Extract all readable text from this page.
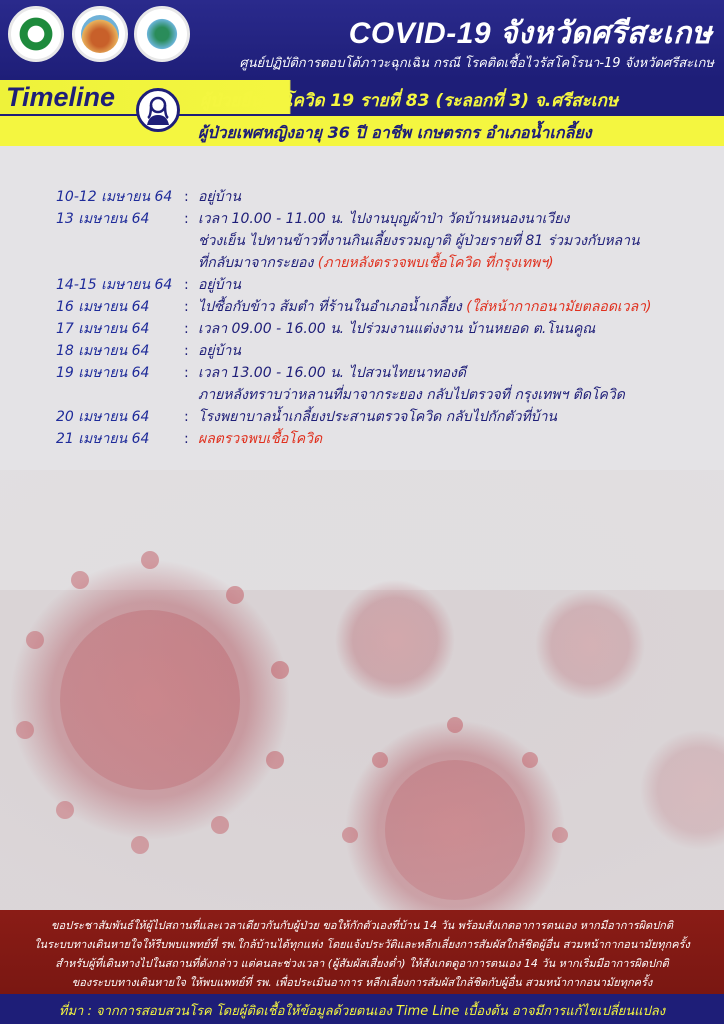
COVID-19 จังหวัดศรีสะเกษ
ศูนย์ปฏิบัติการตอบโต้ภาวะฉุกเฉิน กรณี โรคติดเชื้อไวรัสโคโรนา-19 จังหวัดศรีสะเกษ
Timeline	ผู้ป่วยยืนยันโควิด 19 รายที่ 83 (ระลอกที่ 3) จ.ศรีสะเกษ
ผู้ป่วยเพศหญิงอายุ 36 ปี อาชีพ เกษตรกร อำเภอน้ำเกลี้ยง
10-12 เมษายน 64 : อยู่บ้าน
13 เมษายน 64	: เวลา 10.00 - 11.00 น. ไปงานบุญผ้าป่า วัดบ้านหนองนาเวียง
ช่วงเย็น ไปทานข้าวที่งานกินเลี้ยงรวมญาติ ผู้ป่วยรายที่ 81 ร่วมวงกับหลาน
ที่กลับมาจากระยอง (ภายหลังตรวจพบเชื้อโควิด ที่กรุงเทพฯ)
14-15 เมษายน 64 : อยู่บ้าน
16 เมษายน 64	: ไปซื้อกับข้าว ส้มตำ ที่ร้านในอำเภอน้ำเกลี้ยง (ใส่หน้ากากอนามัยตลอดเวลา)
17 เมษายน 64	: เวลา 09.00 - 16.00 น. ไปร่วมงานแต่งงาน บ้านหยอด ต.โนนคูณ
18 เมษายน 64	: อยู่บ้าน
19 เมษายน 64	: เวลา 13.00 - 16.00 น. ไปสวนไทยนาทองดี
ภายหลังทราบว่าหลานที่มาจากระยอง กลับไปตรวจที่ กรุงเทพฯ ติดโควิด
20 เมษายน 64	: โรงพยาบาลน้ำเกลี้ยงประสานตรวจโควิด กลับไปกักตัวที่บ้าน
21 เมษายน 64	: ผลตรวจพบเชื้อโควิด
ขอประชาสัมพันธ์ให้ผู้ไปสถานที่และเวลาเดียวกันกับผู้ป่วย ขอให้กักตัวเองที่บ้าน 14 วัน พร้อมสังเกตอาการตนเอง หากมีอาการผิดปกติ
ในระบบทางเดินหายใจให้รีบพบแพทย์ที่ รพ.ใกล้บ้านได้ทุกแห่ง โดยแจ้งประวัติและหลีกเลี่ยงการสัมผัสใกล้ชิดผู้อื่น สวมหน้ากากอนามัยทุกครั้ง
สำหรับผู้ที่เดินทางไปในสถานที่ดังกล่าว แต่คนละช่วงเวลา (ผู้สัมผัสเสี่ยงต่ำ) ให้สังเกตดูอาการตนเอง 14 วัน หากเริ่มมีอาการผิดปกติ
ของระบบทางเดินหายใจ ให้พบแพทย์ที่ รพ. เพื่อประเมินอาการ หลีกเลี่ยงการสัมผัสใกล้ชิดกับผู้อื่น สวมหน้ากากอนามัยทุกครั้ง
ที่มา : จากการสอบสวนโรค โดยผู้ติดเชื้อให้ข้อมูลด้วยตนเอง Time Line เบื้องต้น อาจมีการแก้ไขเปลี่ยนแปลง
